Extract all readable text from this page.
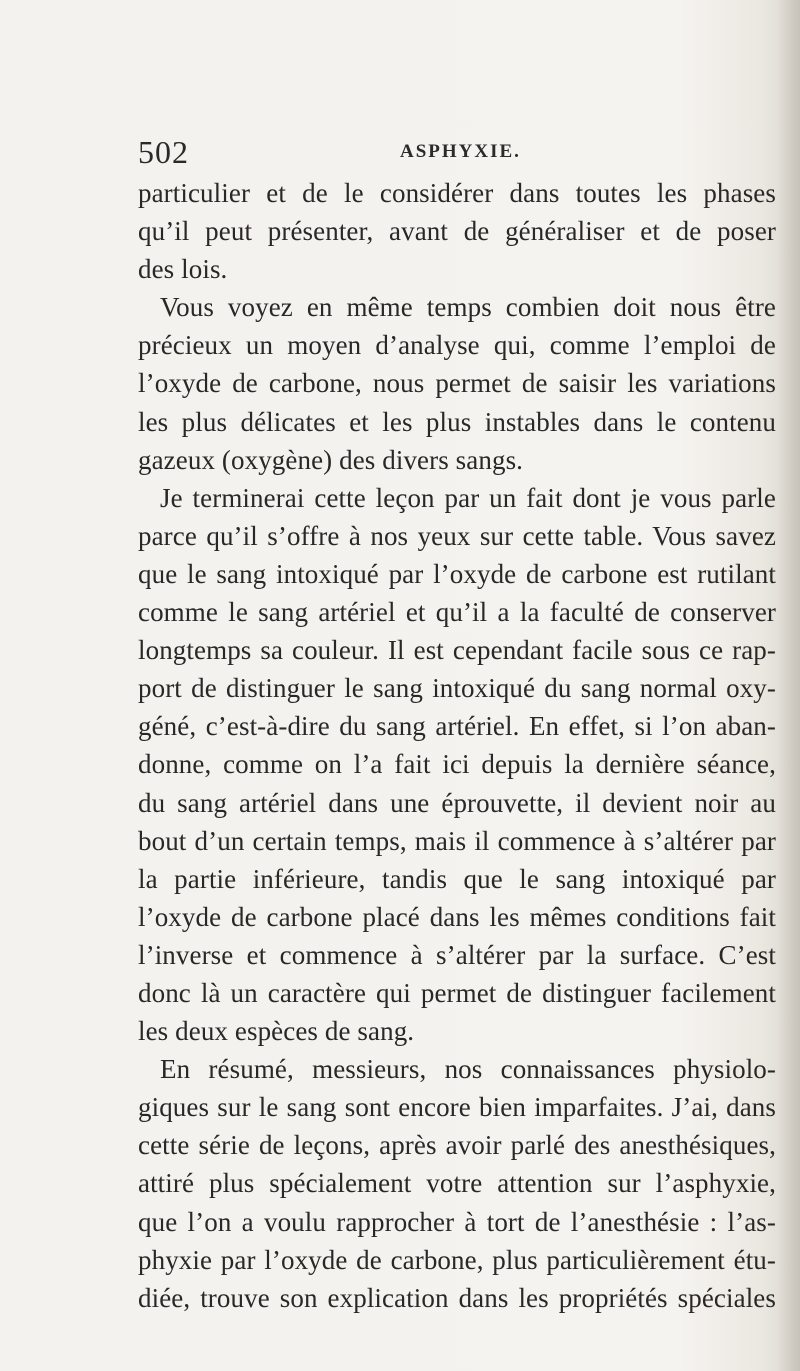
502	ASPHYXIE.
particulier et de le considérer dans toutes les phases
qu’il peut présenter, avant de généraliser et de poser
des lois.
Vous voyez en même temps combien doit nous être
précieux un moyen d’analyse qui, comme l’emploi de
l’oxyde de carbone, nous permet de saisir les variations
les plus délicates et les plus instables dans le contenu
gazeux (oxygène) des divers sangs.
Je terminerai cette leçon par un fait dont je vous parle
parce qu’il s’offre à nos yeux sur cette table. Vous savez
que le sang intoxiqué par l’oxyde de carbone est rutilant
comme le sang artériel et qu’il a la faculté de conserver
longtemps sa couleur. Il est cependant facile sous ce rap-
port de distinguer le sang intoxiqué du sang normal oxy-
géné, c’est-à-dire du sang artériel. En effet, si l’on aban-
donne, comme on l’a fait ici depuis la dernière séance,
du sang artériel dans une éprouvette, il devient noir au
bout d’un certain temps, mais il commence à s’altérer par
la partie inférieure, tandis que le sang intoxiqué par
l’oxyde de carbone placé dans les mêmes conditions fait
l’inverse et commence à s’altérer par la surface. C’est
donc là un caractère qui permet de distinguer facilement
les deux espèces de sang.
En résumé, messieurs, nos connaissances physiolo-
giques sur le sang sont encore bien imparfaites. J’ai, dans
cette série de leçons, après avoir parlé des anesthésiques,
attiré plus spécialement votre attention sur l’asphyxie,
que l’on a voulu rapprocher à tort de l’anesthésie : l’as-
phyxie par l’oxyde de carbone, plus particulièrement étu-
diée, trouve son explication dans les propriétés spéciales
